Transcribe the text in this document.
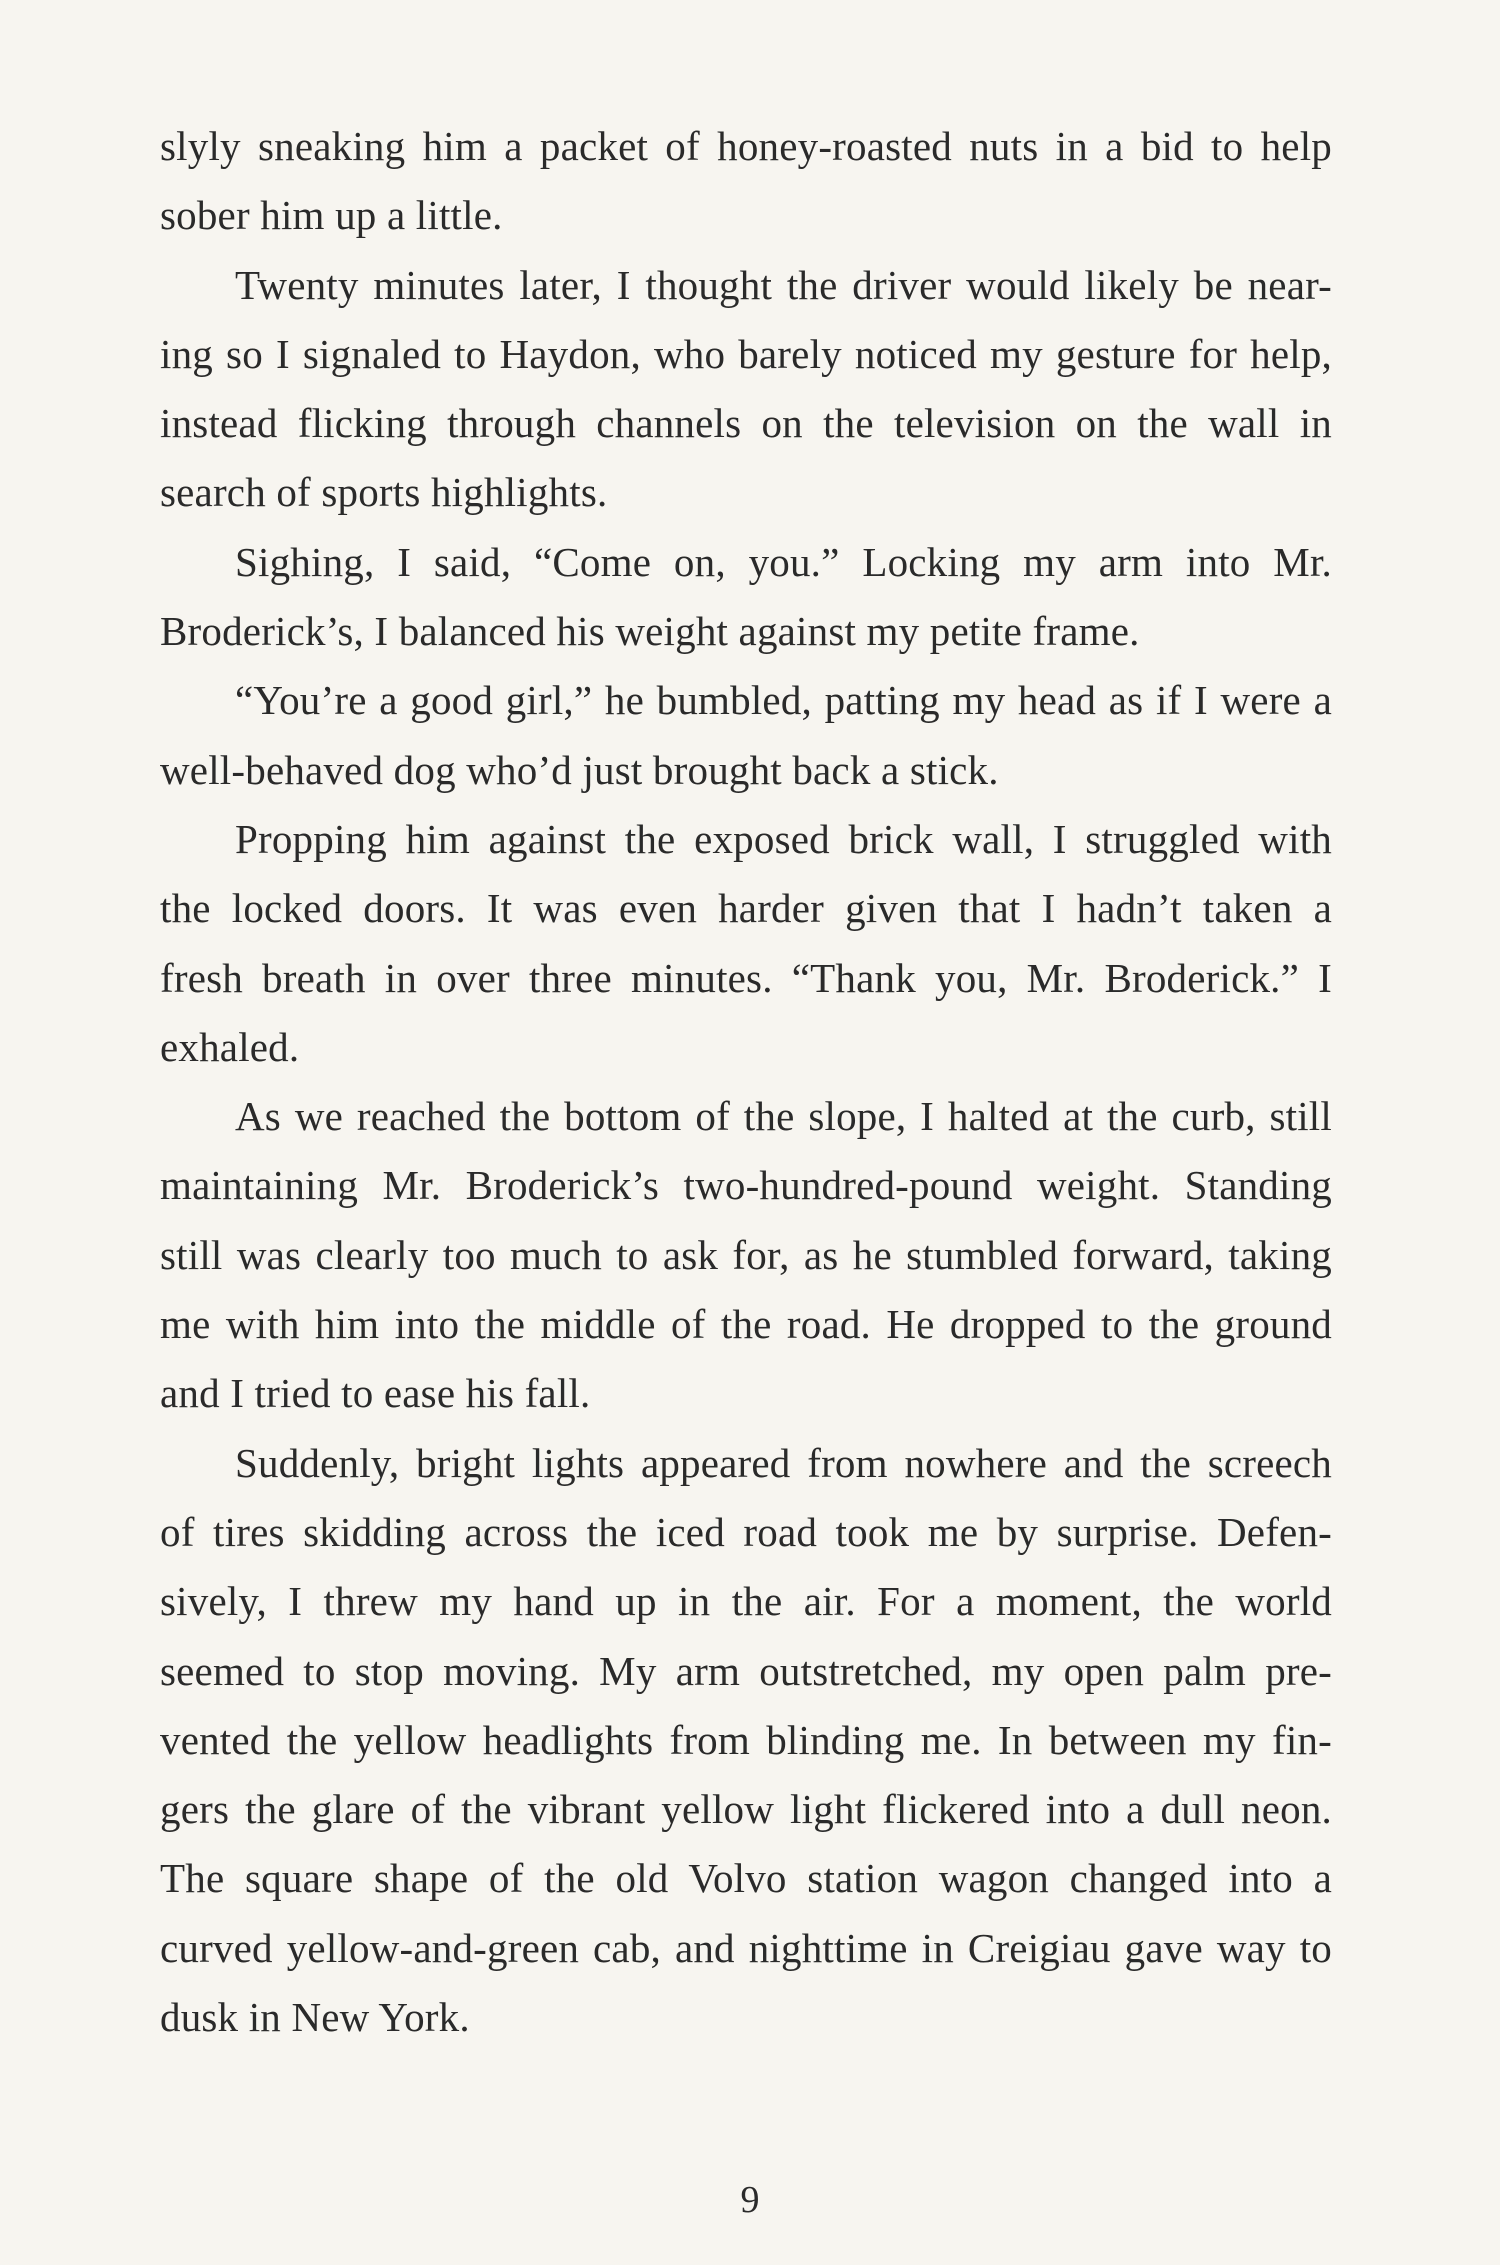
slyly sneaking him a packet of honey-roasted nuts in a bid to help
sober him up a little.
Twenty minutes later, I thought the driver would likely be near-
ing so I signaled to Haydon, who barely noticed my gesture for help,
instead flicking through channels on the television on the wall in
search of sports highlights.
Sighing, I said, “Come on, you.” Locking my arm into Mr.
Broderick’s, I balanced his weight against my petite frame.
“You’re a good girl,” he bumbled, patting my head as if I were a
well-behaved dog who’d just brought back a stick.
Propping him against the exposed brick wall, I struggled with
the locked doors. It was even harder given that I hadn’t taken a
fresh breath in over three minutes. “Thank you, Mr. Broderick.” I
exhaled.
As we reached the bottom of the slope, I halted at the curb, still
maintaining Mr. Broderick’s two-hundred-pound weight. Standing
still was clearly too much to ask for, as he stumbled forward, taking
me with him into the middle of the road. He dropped to the ground
and I tried to ease his fall.
Suddenly, bright lights appeared from nowhere and the screech
of tires skidding across the iced road took me by surprise. Defen-
sively, I threw my hand up in the air. For a moment, the world
seemed to stop moving. My arm outstretched, my open palm pre-
vented the yellow headlights from blinding me. In between my fin-
gers the glare of the vibrant yellow light flickered into a dull neon.
The square shape of the old Volvo station wagon changed into a
curved yellow-and-green cab, and nighttime in Creigiau gave way to
dusk in New York.
9
